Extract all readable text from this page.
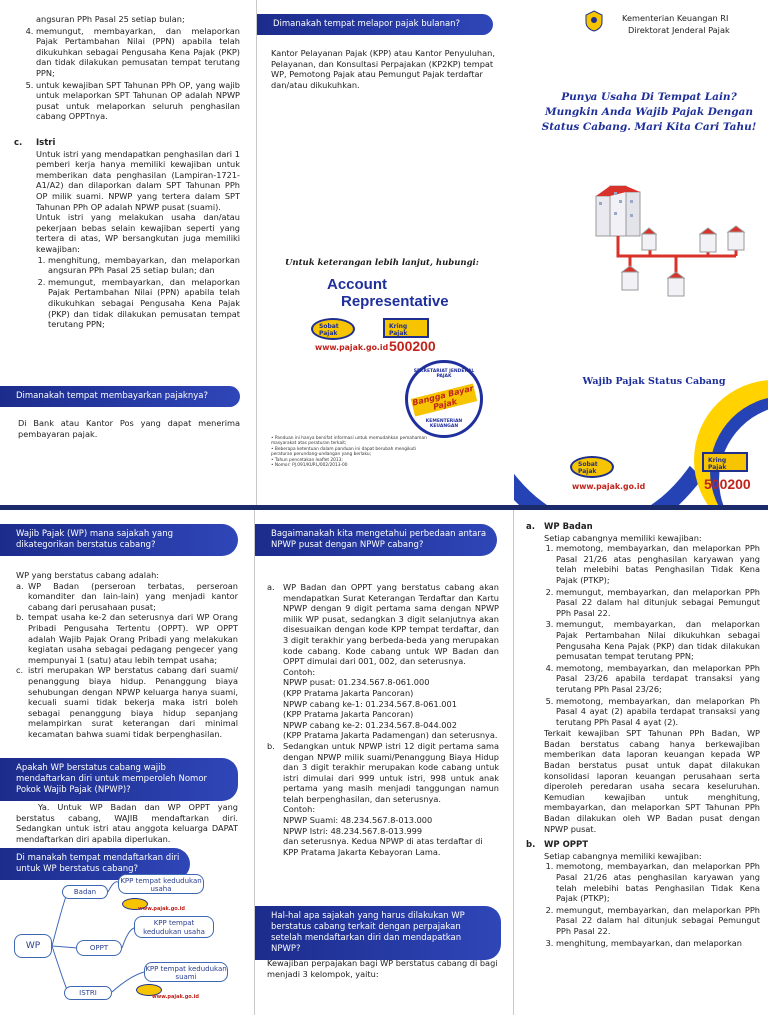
angsuran PPh Pasal 25 setiap bulan;
4. memungut, membayarkan, dan melaporkan Pajak Pertambahan Nilai (PPN) apabila telah dikukuhkan sebagai Pengusaha Kena Pajak (PKP) dan tidak dilakukan pemusatan tempat terutang PPN;
5. untuk kewajiban SPT Tahunan PPh OP, yang wajib untuk melaporkan SPT Tahunan OP adalah NPWP pusat untuk melaporkan seluruh penghasilan cabang OPPTnya.
c.	Istri

Untuk istri yang mendapatkan penghasilan dari 1 pemberi kerja hanya memiliki kewajiban untuk memberikan data penghasilan (Lampiran-1721-A1/A2) dan dilaporkan dalam SPT Tahunan PPh OP milik suami. NPWP yang tertera dalam SPT Tahunan PPh OP adalah NPWP pusat (suami).

Untuk istri yang melakukan usaha dan/atau pekerjaan bebas selain kewajiban seperti yang tertera di atas, WP bersangkutan juga memiliki kewajiban:

1. menghitung, membayarkan, dan melaporkan angsuran PPh Pasal 25 setiap bulan; dan
2. memungut, membayarkan, dan melaporkan Pajak Pertambahan Nilai (PPN) apabila telah dikukuhkan sebagai Pengusaha Kena Pajak (PKP) dan tidak dilakukan pemusatan tempat terutang PPN;
Dimanakah tempat membayarkan pajaknya?

Di Bank atau Kantor Pos yang dapat menerima pembayaran pajak.

Dimanakah tempat melapor pajak bulanan?

Kantor Pelayanan Pajak (KPP) atau Kantor Penyuluhan, Pelayanan, dan Konsultasi Perpajakan (KP2KP) tempat WP, Pemotong Pajak atau Pemungut Pajak terdaftar dan/atau dikukuhkan.

Untuk keterangan lebih lanjut, hubungi:
Account
Representative
Sobat Pajak
Kring Pajak
www.pajak.go.id 500200
SEKRETARIAT JENDERAL PAJAK
Bangga Bayar Pajak
KEMENTERIAN KEUANGAN
• Panduan ini hanya bersifat informasi untuk memudahkan pemahaman masyarakat atas peraturan terkait;
• Beberapa ketentuan dalam panduan ini dapat berubah mengikuti peraturan perundang-undangan yang berlaku;
• Tahun pencetakan leaflet 2013;
• Nomor: PJ.091/KUP.L/002/2013-00
Kementerian Keuangan RI
Direktorat Jenderal Pajak
Punya Usaha Di Tempat Lain? Mungkin Anda Wajib Pajak Dengan Status Cabang. Mari Kita Cari Tahu!
Wajib Pajak Status Cabang
Sobat Pajak
www.pajak.go.id
Kring Pajak
500200
Wajib Pajak (WP) mana sajakah yang dikategorikan berstatus cabang?

WP yang berstatus cabang adalah:

a. WP Badan (perseroan terbatas, perseroan komanditer dan lain-lain) yang menjadi kantor cabang dari perusahaan pusat;
b. tempat usaha ke-2 dan seterusnya dari WP Orang Pribadi Pengusaha Tertentu (OPPT). WP OPPT adalah Wajib Pajak Orang Pribadi yang melakukan kegiatan usaha sebagai pedagang pengecer yang mempunyai 1 (satu) atau lebih tempat usaha;
c. istri merupakan WP berstatus cabang dari suami/ penanggung biaya hidup. Penanggung biaya sehubungan dengan NPWP keluarga hanya suami, kecuali suami tidak bekerja maka istri boleh sebagai penanggung biaya hidup sepanjang melampirkan surat keterangan dari minimal kecamatan bahwa suami tidak berpenghasilan.
Apakah WP berstatus cabang wajib mendaftarkan diri untuk memperoleh Nomor Pokok Wajib Pajak (NPWP)?

Ya. Untuk WP Badan dan WP OPPT yang berstatus cabang, WAJIB mendaftarkan diri. Sedangkan untuk istri atau anggota keluarga DAPAT mendaftarkan diri apabila diperlukan.

Di manakah tempat mendaftarkan diri untuk WP berstatus cabang?
WP
Badan
OPPT
ISTRI
KPP tempat kedudukan usaha
KPP tempat kedudukan usaha
KPP tempat kedudukan suami
www.pajak.go.id
www.pajak.go.id
Bagaimanakah kita mengetahui perbedaan antara NPWP pusat dengan NPWP cabang?
a.	WP Badan dan OPPT yang berstatus cabang akan mendapatkan Surat Keterangan Terdaftar dan Kartu NPWP dengan 9 digit pertama sama dengan NPWP milik WP pusat, sedangkan 3 digit selanjutnya akan disesuaikan dengan kode KPP tempat terdaftar, dan 3 digit terakhir yang berbeda-beda yang merupakan kode cabang. Kode cabang untuk WP Badan dan OPPT dimulai dari 001, 002, dan seterusnya.

Contoh:

NPWP pusat: 01.234.567.8-061.000

(KPP Pratama Jakarta Pancoran)

NPWP cabang ke-1: 01.234.567.8-061.001

(KPP Pratama Jakarta Pancoran)

NPWP cabang ke-2: 01.234.567.8-044.002

(KPP Pratama Jakarta Padamengan) dan seterusnya.

b. Sedangkan untuk NPWP istri 12 digit pertama sama dengan NPWP milik suami/Penanggung Biaya Hidup dan 3 digit terakhir merupakan kode cabang untuk istri dimulai dari 999 untuk istri, 998 untuk anak pertama yang masih menjadi tanggungan namun telah berpenghasilan, dan seterusnya.

Contoh:

NPWP Suami: 48.234.567.8-013.000

NPWP Istri: 48.234.567.8-013.999

dan seterusnya. Kedua NPWP di atas terdaftar di KPP Pratama Jakarta Kebayoran Lama.

Hal-hal apa sajakah yang harus dilakukan WP berstatus cabang terkait dengan perpajakan setelah mendaftarkan diri dan mendapatkan NPWP?

Kewajiban perpajakan bagi WP berstatus cabang di bagi menjadi 3 kelompok, yaitu:

a.	WP Badan

Setiap cabangnya memiliki kewajiban:

1. memotong, membayarkan, dan melaporkan PPh Pasal 21/26 atas penghasilan karyawan yang telah melebihi batas Penghasilan Tidak Kena Pajak (PTKP);
2. memungut, membayarkan, dan melaporkan PPh Pasal 22 dalam hal ditunjuk sebagai Pemungut PPh Pasal 22.
3. memungut, membayarkan, dan melaporkan Pajak Pertambahan Nilai dikukuhkan sebagai Pengusaha Kena Pajak (PKP) dan tidak dilakukan pemusatan tempat terutang PPN;
4. memotong, membayarkan, dan melaporkan PPh Pasal 23/26 apabila terdapat transaksi yang terutang PPh Pasal 23/26;
5. memotong, membayarkan, dan melaporkan Ph Pasal 4 ayat (2) apabila terdapat transaksi yang terutang PPh Pasal 4 ayat (2).

Terkait kewajiban SPT Tahunan PPh Badan, WP Badan berstatus cabang hanya berkewajiban memberikan data laporan keuangan kepada WP Badan berstatus pusat untuk dapat dilakukan konsolidasi laporan keuangan perusahaan serta diperoleh peredaran usaha secara keseluruhan. Kemudian kewajiban untuk menghitung, membayarkan, dan melaporkan SPT Tahunan PPh Badan dilakukan oleh WP Badan pusat dengan NPWP pusat.

b.	WP OPPT

Setiap cabangnya memiliki kewajiban:

1. memotong, membayarkan, dan melaporkan PPh Pasal 21/26 atas penghasilan karyawan yang telah melebihi batas Penghasilan Tidak Kena Pajak (PTKP);
2. memungut, membayarkan, dan melaporkan PPh Pasal 22 dalam hal ditunjuk sebagai Pemungut PPh Pasal 22.
3. menghitung, membayarkan, dan melaporkan
